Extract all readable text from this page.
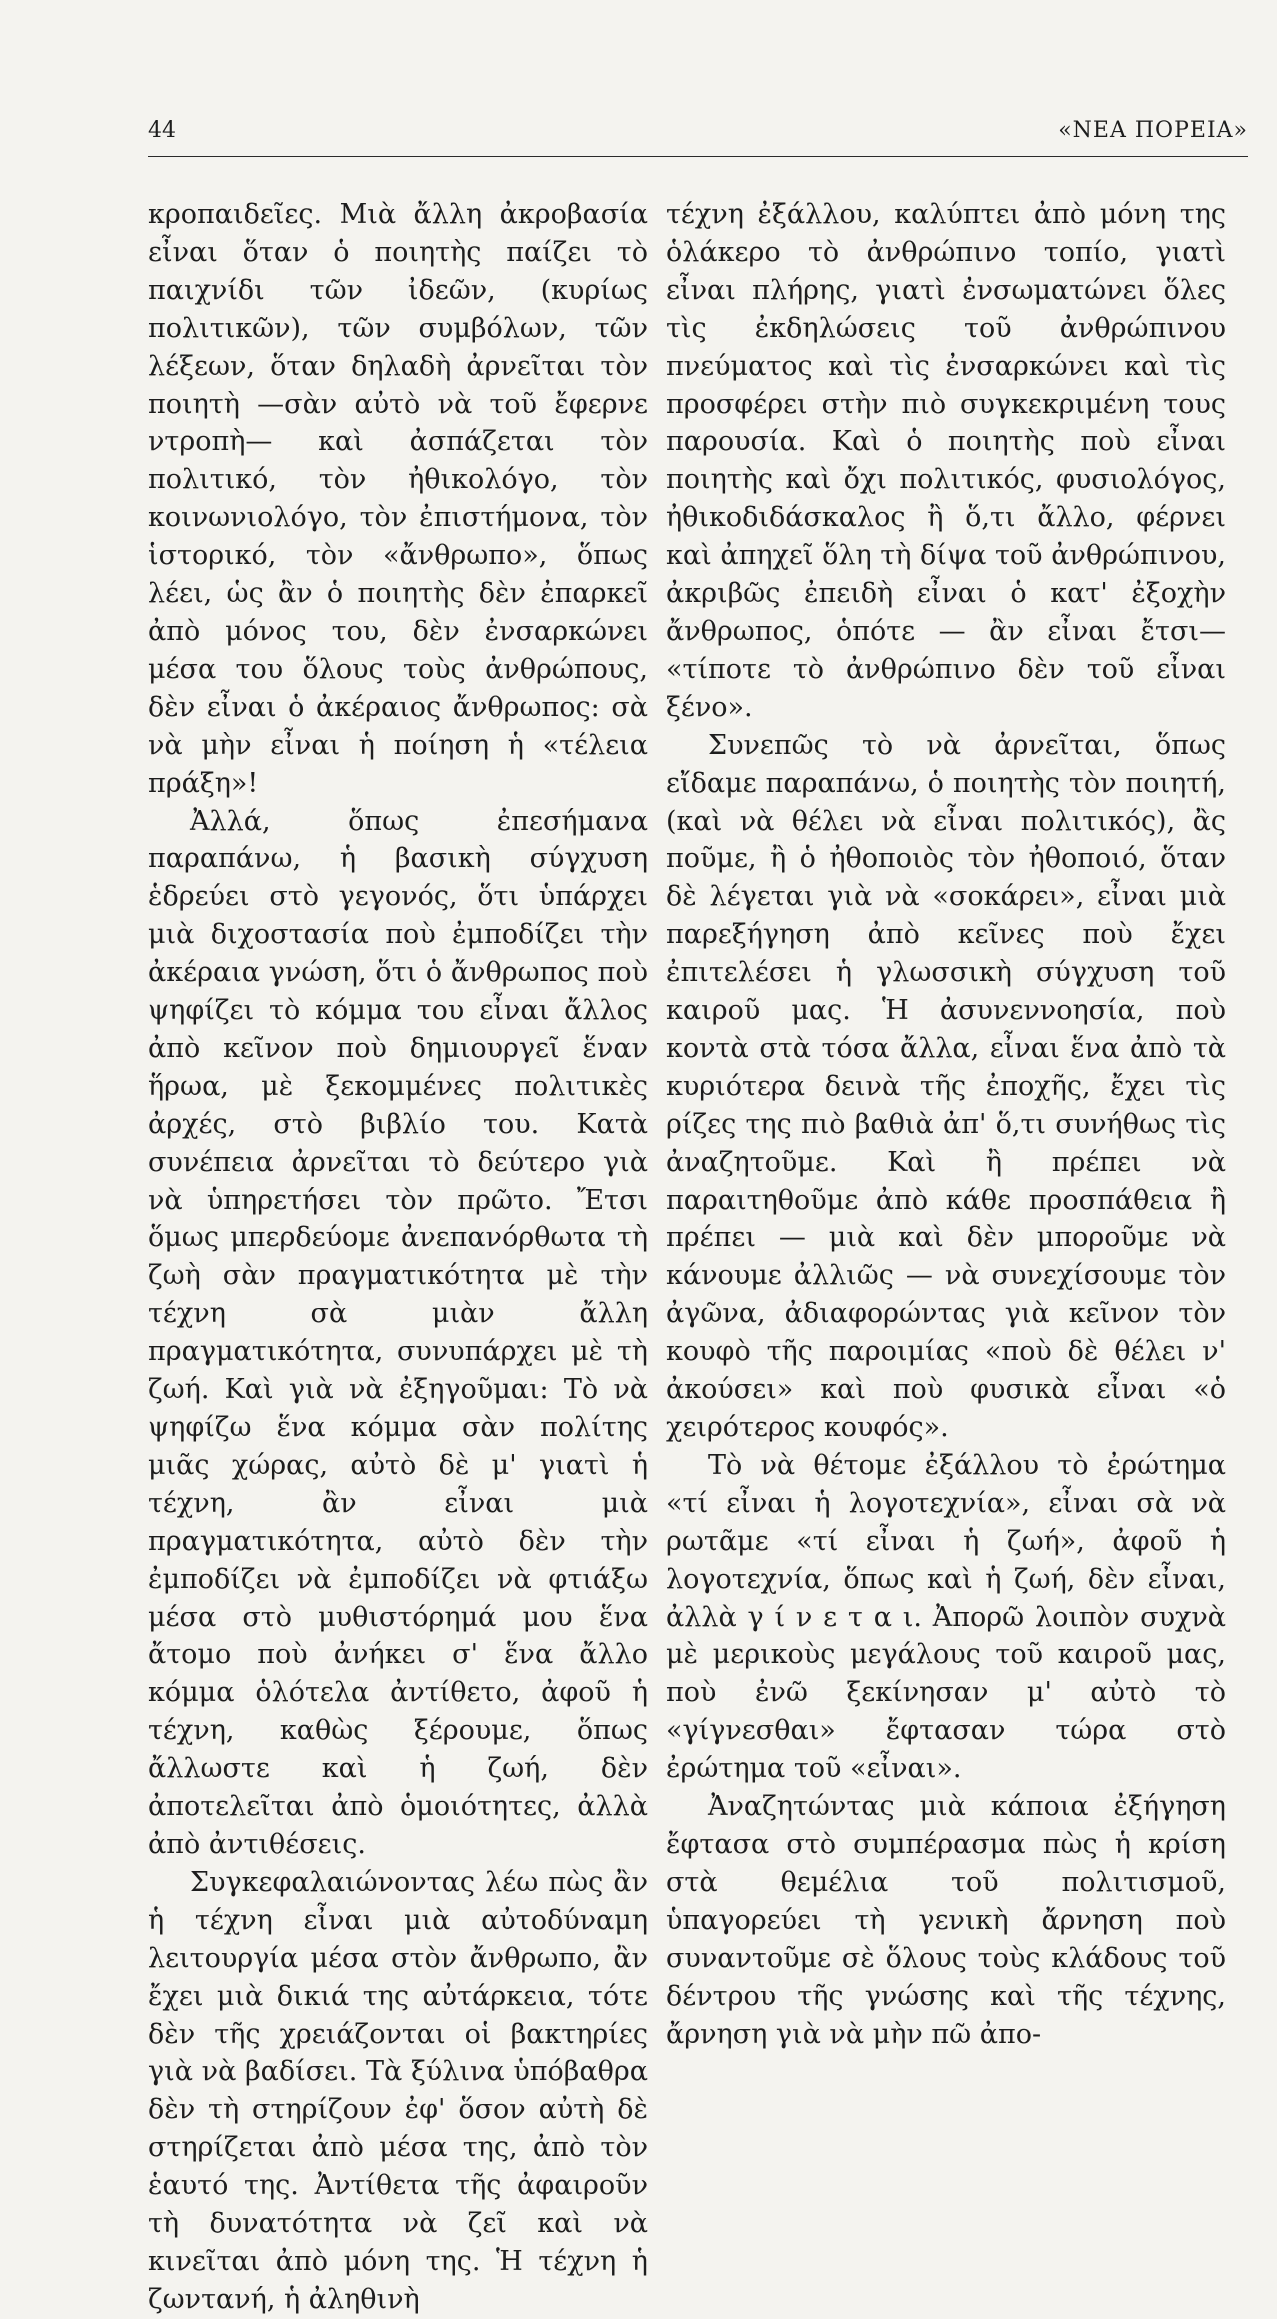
44	«ΝΕΑ ΠΟΡΕΙΑ»

κροπαιδεῖες. Μιὰ ἄλλη ἀκροβασία εἶναι ὅταν ὁ ποιητὴς παίζει τὸ παιχνίδι τῶν ἰδεῶν, (κυρίως πολιτικῶν), τῶν συμβόλων, τῶν λέξεων, ὅταν δηλαδὴ ἀρνεῖται τὸν ποιητὴ —σὰν αὐτὸ νὰ τοῦ ἔφερνε ντροπὴ— καὶ ἀσπάζεται τὸν πολιτικό, τὸν ἠθικολόγο, τὸν κοινωνιολόγο, τὸν ἐπιστήμονα, τὸν ἱστορικό, τὸν «ἄνθρωπο», ὅπως λέει, ὡς ἂν ὁ ποιητὴς δὲν ἐπαρκεῖ ἀπὸ μόνος του, δὲν ἐνσαρκώνει μέσα του ὅλους τοὺς ἀνθρώπους, δὲν εἶναι ὁ ἀκέραιος ἄνθρωπος: σὰ νὰ μὴν εἶναι ἡ ποίηση ἡ «τέλεια πράξη»!

Ἀλλά, ὅπως ἐπεσήμανα παραπάνω, ἡ βασικὴ σύγχυση ἑδρεύει στὸ γεγονός, ὅτι ὑπάρχει μιὰ διχοστασία ποὺ ἐμποδίζει τὴν ἀκέραια γνώση, ὅτι ὁ ἄνθρωπος ποὺ ψηφίζει τὸ κόμμα του εἶναι ἄλλος ἀπὸ κεῖνον ποὺ δημιουργεῖ ἕναν ἥρωα, μὲ ξεκομμένες πολιτικὲς ἀρχές, στὸ βιβλίο του. Κατὰ συνέπεια ἀρνεῖται τὸ δεύτερο γιὰ νὰ ὑπηρετήσει τὸν πρῶτο. Ἔτσι ὅμως μπερδεύομε ἀνεπανόρθωτα τὴ ζωὴ σὰν πραγματικότητα μὲ τὴν τέχνη σὰ μιὰν ἄλλη πραγματικότητα, συνυπάρχει μὲ τὴ ζωή. Καὶ γιὰ νὰ ἐξηγοῦμαι: Τὸ νὰ ψηφίζω ἕνα κόμμα σὰν πολίτης μιᾶς χώρας, αὐτὸ δὲ μ' γιατὶ ἡ τέχνη, ἂν εἶναι μιὰ πραγματικότητα, αὐτὸ δὲν τὴν ἐμποδίζει νὰ ἐμποδίζει νὰ φτιάξω μέσα στὸ μυθιστόρημά μου ἕνα ἄτομο ποὺ ἀνήκει σ' ἕνα ἄλλο κόμμα ὁλότελα ἀντίθετο, ἀφοῦ ἡ τέχνη, καθὼς ξέρουμε, ὅπως ἄλλωστε καὶ ἡ ζωή, δὲν ἀποτελεῖται ἀπὸ ὁμοιότητες, ἀλλὰ ἀπὸ ἀντιθέσεις.

Συγκεφαλαιώνοντας λέω πὼς ἂν ἡ τέχνη εἶναι μιὰ αὐτοδύναμη λειτουργία μέσα στὸν ἄνθρωπο, ἂν ἔχει μιὰ δικιά της αὐτάρκεια, τότε δὲν τῆς χρειάζονται οἱ βακτηρίες γιὰ νὰ βαδίσει. Τὰ ξύλινα ὑπόβαθρα δὲν τὴ στηρίζουν ἐφ' ὅσον αὐτὴ δὲ στηρίζεται ἀπὸ μέσα της, ἀπὸ τὸν ἑαυτό της. Ἀντίθετα τῆς ἀφαιροῦν τὴ δυνατότητα νὰ ζεῖ καὶ νὰ κινεῖται ἀπὸ μόνη της. Ἡ τέχνη ἡ ζωντανή, ἡ ἀληθινὴ

τέχνη ἐξάλλου, καλύπτει ἀπὸ μόνη της ὁλάκερο τὸ ἀνθρώπινο τοπίο, γιατὶ εἶναι πλήρης, γιατὶ ἐνσωματώνει ὅλες τὶς ἐκδηλώσεις τοῦ ἀνθρώπινου πνεύματος καὶ τὶς ἐνσαρκώνει καὶ τὶς προσφέρει στὴν πιὸ συγκεκριμένη τους παρουσία. Καὶ ὁ ποιητὴς ποὺ εἶναι ποιητὴς καὶ ὄχι πολιτικός, φυσιολόγος, ἠθικοδιδάσκαλος ἢ ὅ,τι ἄλλο, φέρνει καὶ ἀπηχεῖ ὅλη τὴ δίψα τοῦ ἀνθρώπινου, ἀκριβῶς ἐπειδὴ εἶναι ὁ κατ' ἐξοχὴν ἄνθρωπος, ὁπότε — ἂν εἶναι ἔτσι— «τίποτε τὸ ἀνθρώπινο δὲν τοῦ εἶναι ξένο».

Συνεπῶς τὸ νὰ ἀρνεῖται, ὅπως εἴδαμε παραπάνω, ὁ ποιητὴς τὸν ποιητή, (καὶ νὰ θέλει νὰ εἶναι πολιτικός), ἂς ποῦμε, ἢ ὁ ἠθοποιὸς τὸν ἠθοποιό, ὅταν δὲ λέγεται γιὰ νὰ «σοκάρει», εἶναι μιὰ παρεξήγηση ἀπὸ κεῖνες ποὺ ἔχει ἐπιτελέσει ἡ γλωσσικὴ σύγχυση τοῦ καιροῦ μας. Ἡ ἀσυνεννοησία, ποὺ κοντὰ στὰ τόσα ἄλλα, εἶναι ἕνα ἀπὸ τὰ κυριότερα δεινὰ τῆς ἐποχῆς, ἔχει τὶς ρίζες της πιὸ βαθιὰ ἀπ' ὅ,τι συνήθως τὶς ἀναζητοῦμε. Καὶ ἢ πρέπει νὰ παραιτηθοῦμε ἀπὸ κάθε προσπάθεια ἢ πρέπει — μιὰ καὶ δὲν μποροῦμε νὰ κάνουμε ἀλλιῶς — νὰ συνεχίσουμε τὸν ἀγῶνα, ἀδιαφορώντας γιὰ κεῖνον τὸν κουφὸ τῆς παροιμίας «ποὺ δὲ θέλει ν' ἀκούσει» καὶ ποὺ φυσικὰ εἶναι «ὁ χειρότερος κουφός».

Τὸ νὰ θέτομε ἐξάλλου τὸ ἐρώτημα «τί εἶναι ἡ λογοτεχνία», εἶναι σὰ νὰ ρωτᾶμε «τί εἶναι ἡ ζωή», ἀφοῦ ἡ λογοτεχνία, ὅπως καὶ ἡ ζωή, δὲν εἶναι, ἀλλὰ γ ί ν ε τ α ι. Ἀπορῶ λοιπὸν συχνὰ μὲ μερικοὺς μεγάλους τοῦ καιροῦ μας, ποὺ ἐνῶ ξεκίνησαν μ' αὐτὸ τὸ «γίγνεσθαι» ἔφτασαν τώρα στὸ ἐρώτημα τοῦ «εἶναι».

Ἀναζητώντας μιὰ κάποια ἐξήγηση ἔφτασα στὸ συμπέρασμα πὼς ἡ κρίση στὰ θεμέλια τοῦ πολιτισμοῦ, ὑπαγορεύει τὴ γενικὴ ἄρνηση ποὺ συναντοῦμε σὲ ὅλους τοὺς κλάδους τοῦ δέντρου τῆς γνώσης καὶ τῆς τέχνης, ἄρνηση γιὰ νὰ μὴν πῶ ἀπο-
